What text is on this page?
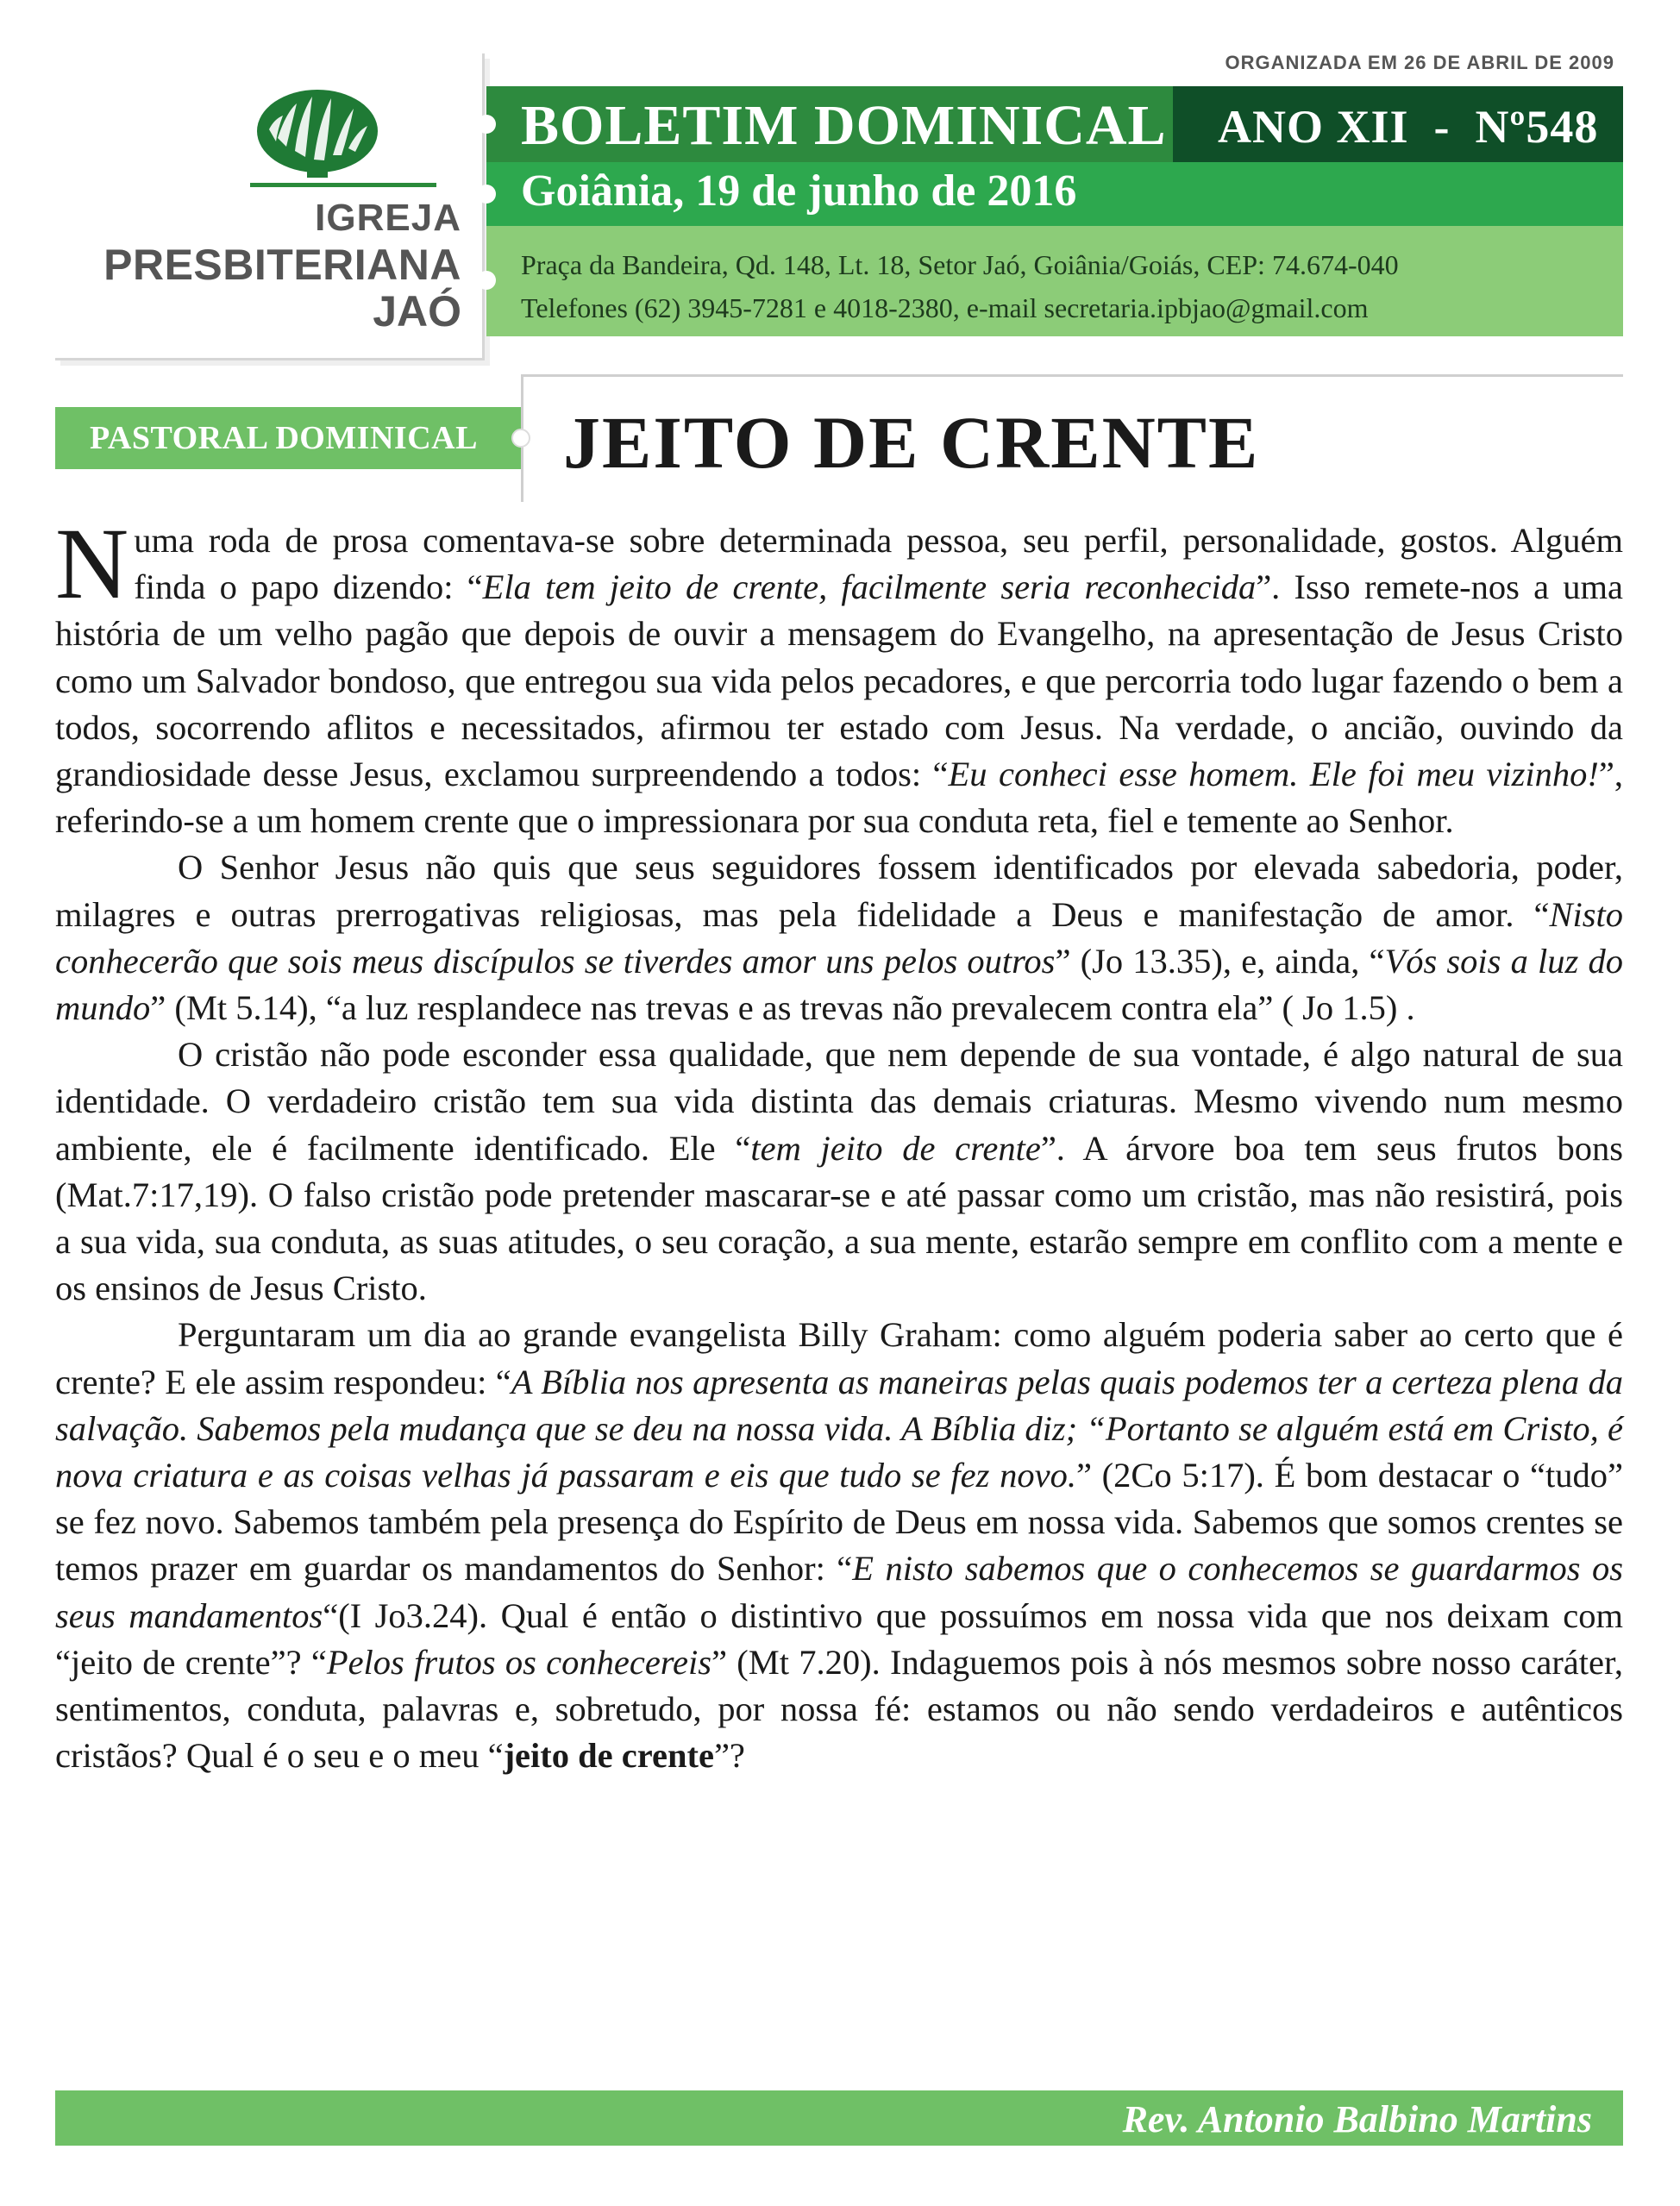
IGREJA
PRESBITERIANA
JAÓ
ORGANIZADA EM 26 DE ABRIL DE 2009
BOLETIM DOMINICAL ANO XII  -  Nº548
Goiânia, 19 de junho de 2016
Praça da Bandeira, Qd. 148, Lt. 18, Setor Jaó, Goiânia/Goiás, CEP: 74.674-040
Telefones (62) 3945-7281 e 4018-2380, e-mail secretaria.ipbjao@gmail.com
PASTORAL DOMINICAL JEITO DE CRENTE

Numa roda de prosa comentava-se sobre determinada pessoa, seu perfil, personalidade, gostos. Alguém finda o papo dizendo: “Ela tem jeito de crente, facilmente seria reconhecida”. Isso remete-nos a uma história de um velho pagão que depois de ouvir a mensagem do Evangelho, na apresentação de Jesus Cristo como um Salvador bondoso, que entregou sua vida pelos pecadores, e que percorria todo lugar fazendo o bem a todos, socorrendo aflitos e necessitados, afirmou ter estado com Jesus. Na verdade, o ancião, ouvindo da grandiosidade desse Jesus, exclamou surpreendendo a todos: “Eu conheci esse homem. Ele foi meu vizinho!”, referindo-se a um homem crente que o impressionara por sua conduta reta, fiel e temente ao Senhor.

O Senhor Jesus não quis que seus seguidores fossem identificados por elevada sabedoria, poder, milagres e outras prerrogativas religiosas, mas pela fidelidade a Deus e manifestação de amor. “Nisto conhecerão que sois meus discípulos se tiverdes amor uns pelos outros” (Jo 13.35), e, ainda, “Vós sois a luz do mundo” (Mt 5.14), “a luz resplandece nas trevas e as trevas não prevalecem contra ela” ( Jo 1.5) .

O cristão não pode esconder essa qualidade, que nem depende de sua vontade, é algo natural de sua identidade. O verdadeiro cristão tem sua vida distinta das demais criaturas. Mesmo vivendo num mesmo ambiente, ele é facilmente identificado. Ele “tem jeito de crente”. A árvore boa tem seus frutos bons (Mat.7:17,19). O falso cristão pode pretender mascarar-se e até passar como um cristão, mas não resistirá, pois a sua vida, sua conduta, as suas atitudes, o seu coração, a sua mente, estarão sempre em conflito com a mente e os ensinos de Jesus Cristo.

Perguntaram um dia ao grande evangelista Billy Graham: como alguém poderia saber ao certo que é crente? E ele assim respondeu: “A Bíblia nos apresenta as maneiras pelas quais podemos ter a certeza plena da salvação. Sabemos pela mudança que se deu na nossa vida. A Bíblia diz; “Portanto se alguém está em Cristo, é nova criatura e as coisas velhas já passaram e eis que tudo se fez novo.” (2Co 5:17). É bom destacar o “tudo” se fez novo. Sabemos também pela presença do Espírito de Deus em nossa vida. Sabemos que somos crentes se temos prazer em guardar os mandamentos do Senhor: “E nisto sabemos que o conhecemos se guardarmos os seus mandamentos“(I Jo3.24). Qual é então o distintivo que possuímos em nossa vida que nos deixam com “jeito de crente”? “Pelos frutos os conhecereis” (Mt 7.20). Indaguemos pois à nós mesmos sobre nosso caráter, sentimentos, conduta, palavras e, sobretudo, por nossa fé: estamos ou não sendo verdadeiros e autênticos cristãos? Qual é o seu e o meu “jeito de crente”?

Rev. Antonio Balbino Martins
